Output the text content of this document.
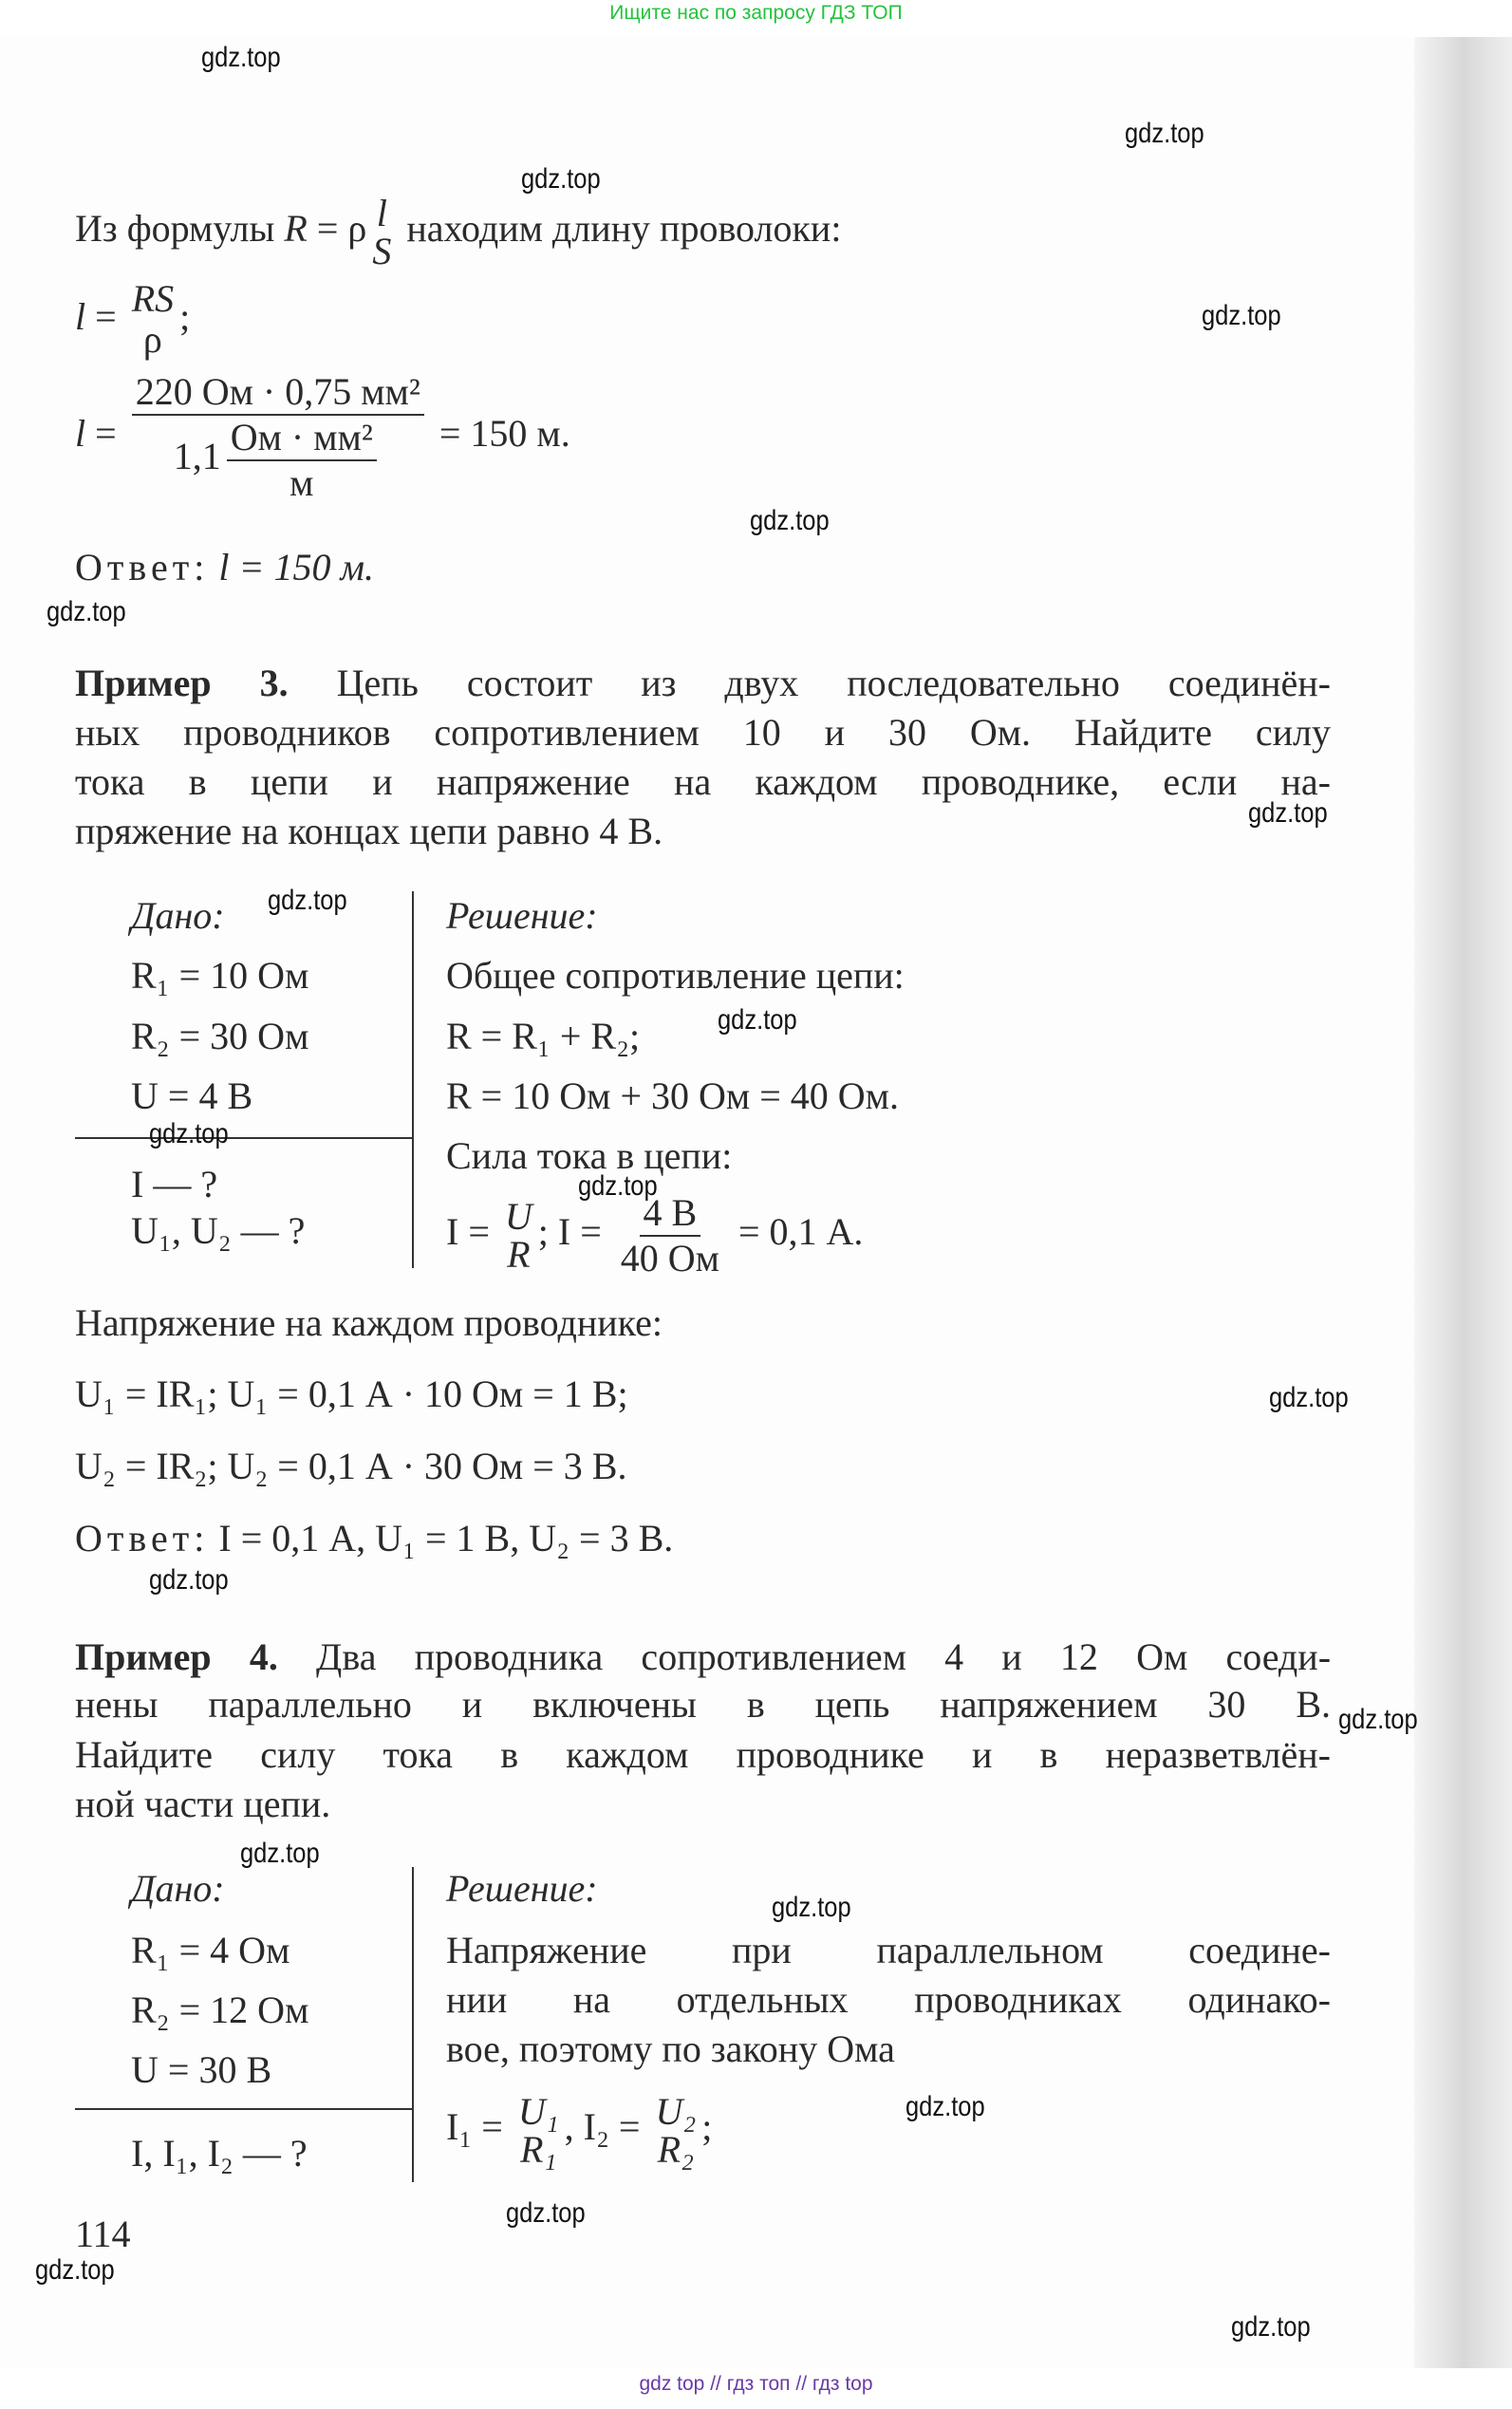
Ищите нас по запросу ГДЗ ТОП
Из формулы R = ρ l
S
находим длину проволоки:
l = RS
ρ
;
l =
220 Ом · 0,75 мм²
1,1 Ом · мм²
м
= 150 м.
Ответ: l = 150 м.
Пример 3. Цепь состоит из двух последовательно соединён-
ных проводников сопротивлением 10 и 30 Ом. Найдите силу
тока в цепи и напряжение на каждом проводнике, если на-
пряжение на концах цепи равно 4 В.
Дано:
R₁ = 10 Ом
R₂ = 30 Ом
U = 4 В
I — ?
U₁, U₂ — ?
Решение:
Общее сопротивление цепи:
R = R₁ + R₂;
R = 10 Ом + 30 Ом = 40 Ом.
Сила тока в цепи:
I = U
R
; I = 4 В
40 Ом
= 0,1 А.
Напряжение на каждом проводнике:
U₁ = IR₁; U₁ = 0,1 А · 10 Ом = 1 В;
U₂ = IR₂; U₂ = 0,1 А · 30 Ом = 3 В.
Ответ: I = 0,1 А, U₁ = 1 В, U₂ = 3 В.
Пример 4. Два проводника сопротивлением 4 и 12 Ом соеди-
нены параллельно и включены в цепь напряжением 30 В.
Найдите силу тока в каждом проводнике и в неразветвлён-
ной части цепи.
Дано:
R₁ = 4 Ом
R₂ = 12 Ом
U = 30 В
I, I₁, I₂ — ?
Решение:
Напряжение при параллельном соедине-
нии на отдельных проводниках одинако-
вое, поэтому по закону Ома
I₁ = U₁
R₁
, I₂ = U₂
R₂
;
114
gdz.top
gdz.top
gdz.top
gdz.top
gdz.top
gdz.top
gdz.top
gdz.top
gdz.top
gdz.top
gdz.top
gdz.top
gdz.top
gdz.top
gdz.top
gdz.top
gdz.top
gdz.top
gdz.top
gdz.top
gdz top // гдз топ // гдз top
